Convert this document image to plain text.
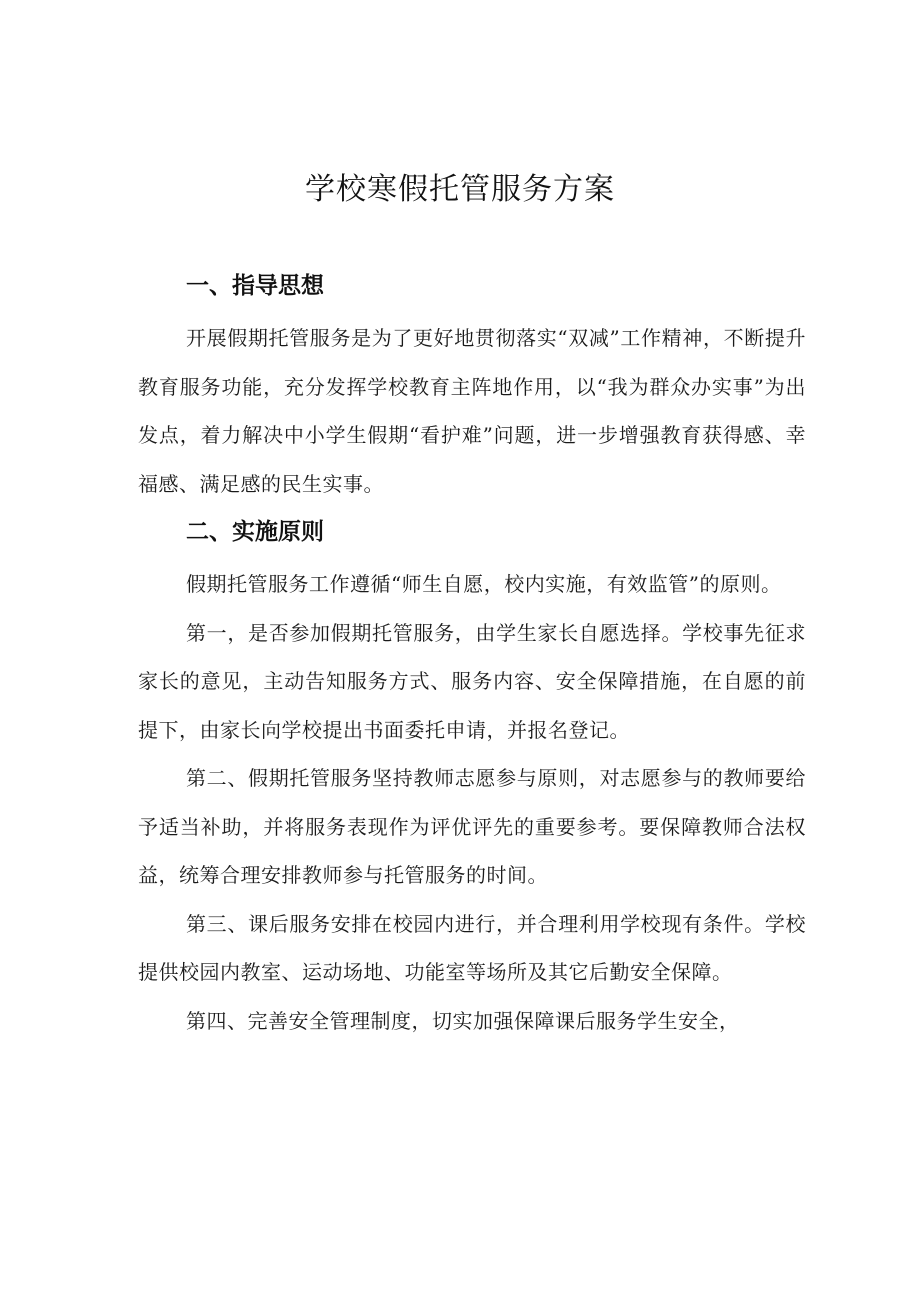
学校寒假托管服务方案
一、指导思想

开展假期托管服务是为了更好地贯彻落实“双减”工作精神，不断提升教育服务功能，充分发挥学校教育主阵地作用，以“我为群众办实事”为出发点，着力解决中小学生假期“看护难”问题，进一步增强教育获得感、幸福感、满足感的民生实事。

二、实施原则

假期托管服务工作遵循“师生自愿，校内实施，有效监管”的原则。

第一，是否参加假期托管服务，由学生家长自愿选择。学校事先征求家长的意见，主动告知服务方式、服务内容、安全保障措施，在自愿的前提下，由家长向学校提出书面委托申请，并报名登记。

第二、假期托管服务坚持教师志愿参与原则，对志愿参与的教师要给予适当补助，并将服务表现作为评优评先的重要参考。要保障教师合法权益，统筹合理安排教师参与托管服务的时间。

第三、课后服务安排在校园内进行，并合理利用学校现有条件。学校提供校园内教室、运动场地、功能室等场所及其它后勤安全保障。

第四、完善安全管理制度，切实加强保障课后服务学生安全，
